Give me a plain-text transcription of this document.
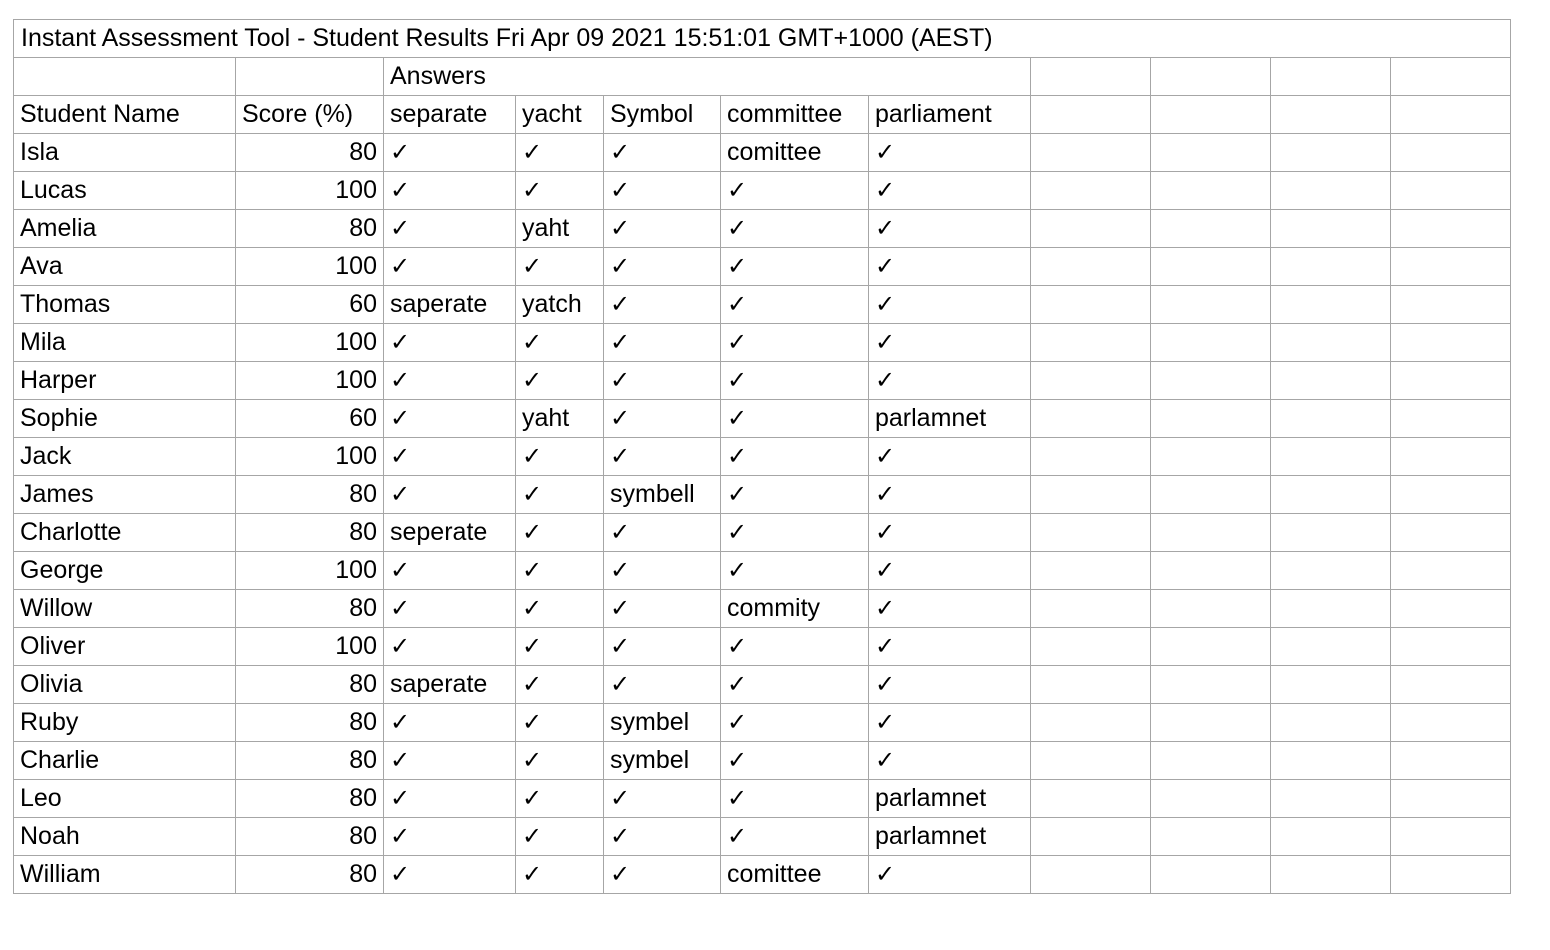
Instant Assessment Tool - Student Results Fri Apr 09 2021 15:51:01 GMT+1000 (AEST)										
		Answers								
Student Name	Score (%)	separate	yacht	Symbol	committee	parliament				
Isla	80	✓	✓	✓	comittee	✓				
Lucas	100	✓	✓	✓	✓	✓				
Amelia	80	✓	yaht	✓	✓	✓				
Ava	100	✓	✓	✓	✓	✓				
Thomas	60	saperate	yatch	✓	✓	✓				
Mila	100	✓	✓	✓	✓	✓				
Harper	100	✓	✓	✓	✓	✓				
Sophie	60	✓	yaht	✓	✓	parlamnet				
Jack	100	✓	✓	✓	✓	✓				
James	80	✓	✓	symbell	✓	✓				
Charlotte	80	seperate	✓	✓	✓	✓				
George	100	✓	✓	✓	✓	✓				
Willow	80	✓	✓	✓	commity	✓				
Oliver	100	✓	✓	✓	✓	✓				
Olivia	80	saperate	✓	✓	✓	✓				
Ruby	80	✓	✓	symbel	✓	✓				
Charlie	80	✓	✓	symbel	✓	✓				
Leo	80	✓	✓	✓	✓	parlamnet				
Noah	80	✓	✓	✓	✓	parlamnet				
William	80	✓	✓	✓	comittee	✓				
